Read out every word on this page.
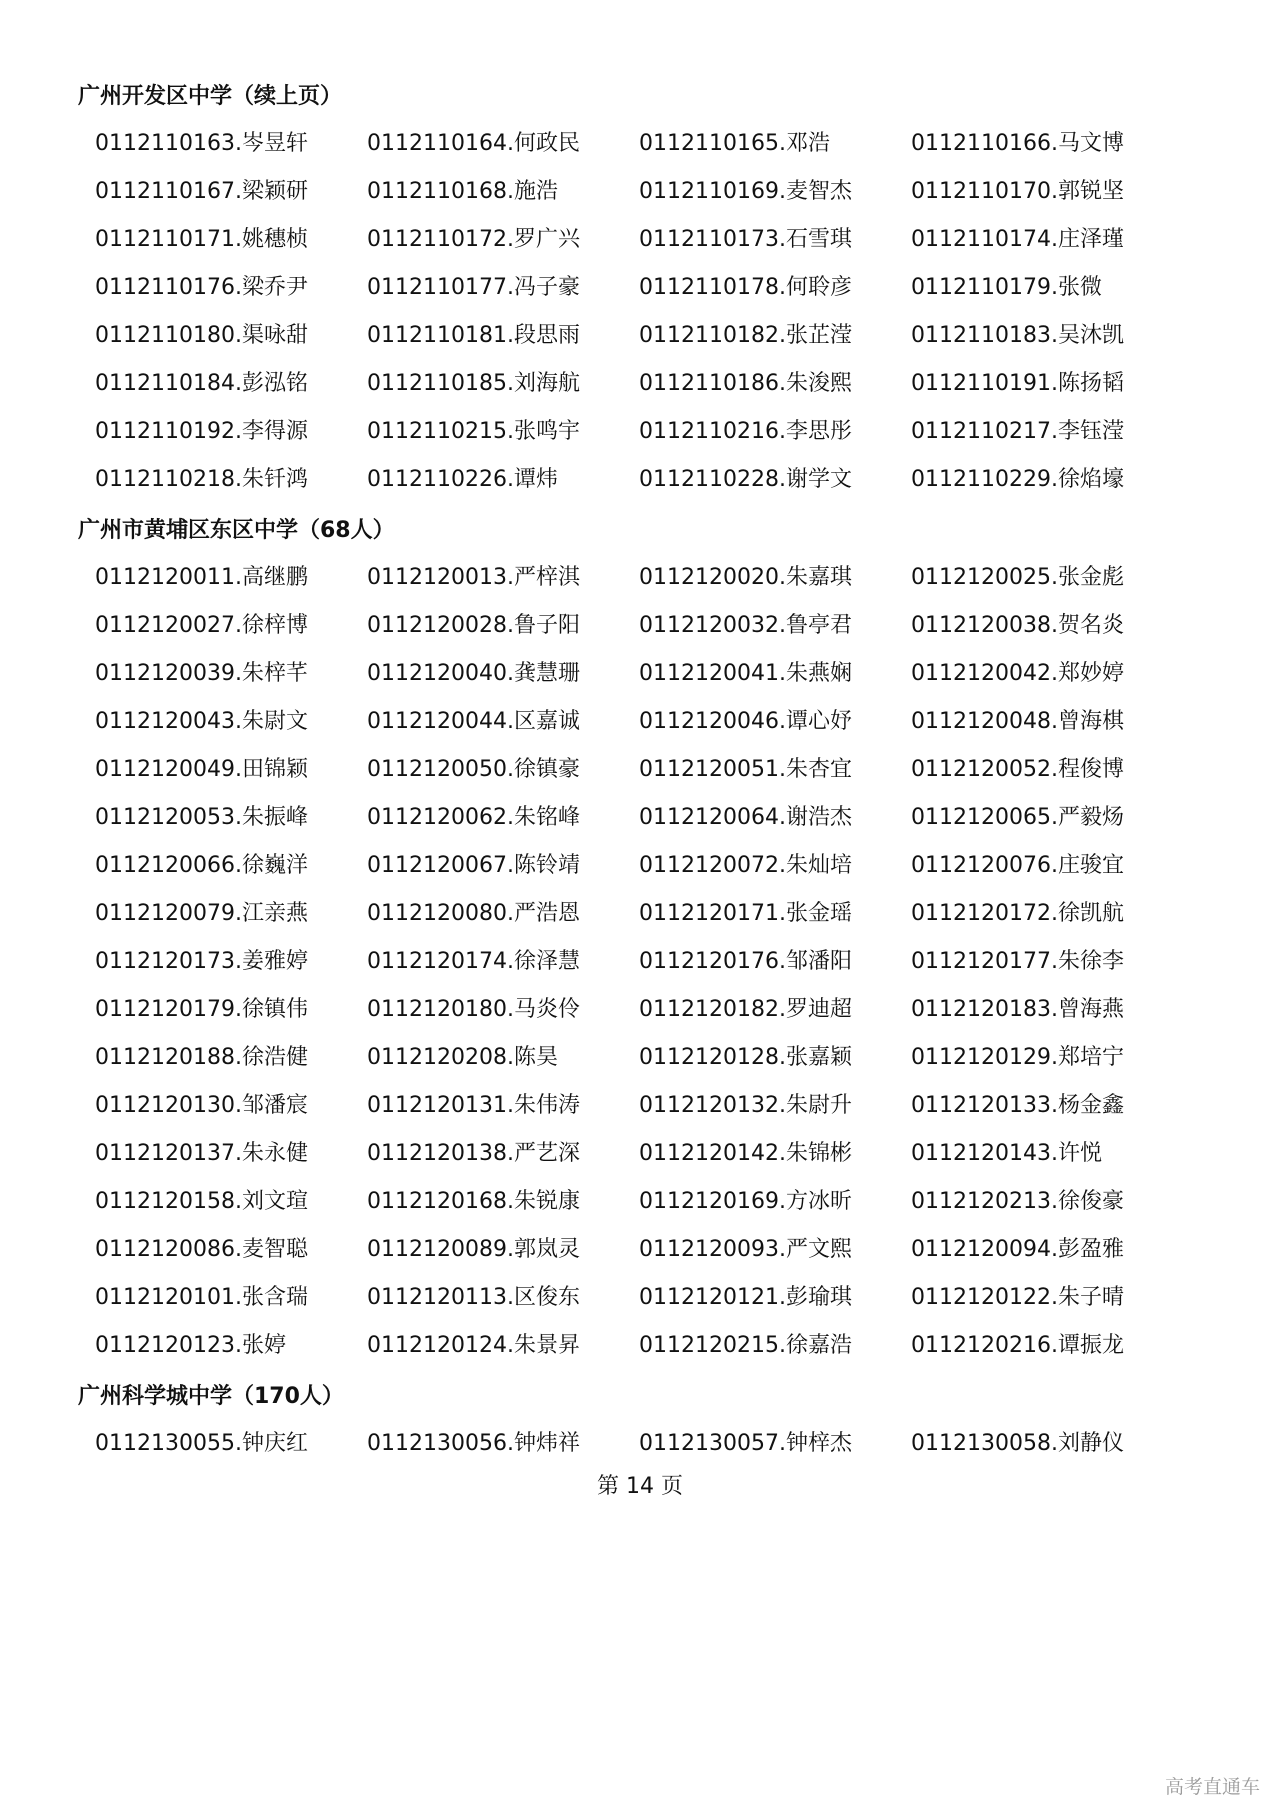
广州开发区中学（续上页）
0112110163.岑昱轩	0112110164.何政民	0112110165.邓浩	0112110166.马文博
0112110167.梁颖研	0112110168.施浩	0112110169.麦智杰	0112110170.郭锐坚
0112110171.姚穗桢	0112110172.罗广兴	0112110173.石雪琪	0112110174.庄泽瑾
0112110176.梁乔尹	0112110177.冯子豪	0112110178.何聆彦	0112110179.张微
0112110180.渠咏甜	0112110181.段思雨	0112110182.张芷滢	0112110183.吴沐凯
0112110184.彭泓铭	0112110185.刘海航	0112110186.朱浚熙	0112110191.陈扬韬
0112110192.李得源	0112110215.张鸣宇	0112110216.李思彤	0112110217.李钰滢
0112110218.朱钎鸿	0112110226.谭炜	0112110228.谢学文	0112110229.徐焰壕
广州市黄埔区东区中学（68人）
0112120011.高继鹏	0112120013.严梓淇	0112120020.朱嘉琪	0112120025.张金彪
0112120027.徐梓博	0112120028.鲁子阳	0112120032.鲁亭君	0112120038.贺名炎
0112120039.朱梓芊	0112120040.龚慧珊	0112120041.朱燕娴	0112120042.郑妙婷
0112120043.朱尉文	0112120044.区嘉诚	0112120046.谭心妤	0112120048.曾海棋
0112120049.田锦颖	0112120050.徐镇豪	0112120051.朱杏宜	0112120052.程俊博
0112120053.朱振峰	0112120062.朱铭峰	0112120064.谢浩杰	0112120065.严毅炀
0112120066.徐巍洋	0112120067.陈铃靖	0112120072.朱灿培	0112120076.庄骏宜
0112120079.江亲燕	0112120080.严浩恩	0112120171.张金瑶	0112120172.徐凯航
0112120173.姜雅婷	0112120174.徐泽慧	0112120176.邹潘阳	0112120177.朱徐李
0112120179.徐镇伟	0112120180.马炎伶	0112120182.罗迪超	0112120183.曾海燕
0112120188.徐浩健	0112120208.陈昊	0112120128.张嘉颖	0112120129.郑培宁
0112120130.邹潘宸	0112120131.朱伟涛	0112120132.朱尉升	0112120133.杨金鑫
0112120137.朱永健	0112120138.严艺深	0112120142.朱锦彬	0112120143.许悦
0112120158.刘文瑄	0112120168.朱锐康	0112120169.方冰昕	0112120213.徐俊豪
0112120086.麦智聪	0112120089.郭岚灵	0112120093.严文熙	0112120094.彭盈雅
0112120101.张含瑞	0112120113.区俊东	0112120121.彭瑜琪	0112120122.朱子晴
0112120123.张婷	0112120124.朱景昇	0112120215.徐嘉浩	0112120216.谭振龙
广州科学城中学（170人）
0112130055.钟庆红	0112130056.钟炜祥	0112130057.钟梓杰	0112130058.刘静仪
第 14 页
高考直通车
